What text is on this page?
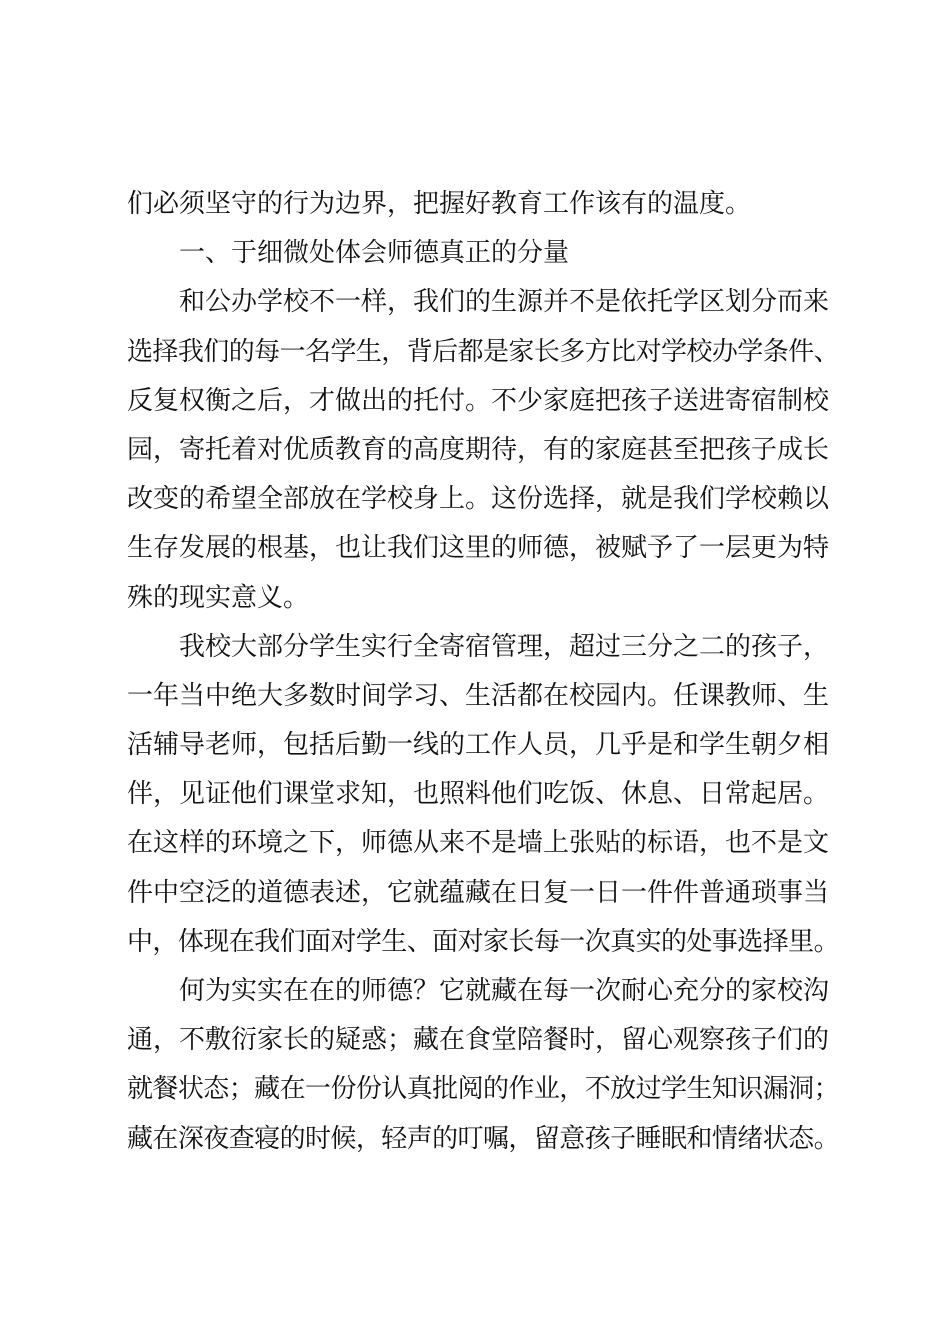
们必须坚守的行为边界，把握好教育工作该有的温度。
一、于细微处体会师德真正的分量
和公办学校不一样，我们的生源并不是依托学区划分而来
选择我们的每一名学生，背后都是家长多方比对学校办学条件、
反复权衡之后，才做出的托付。不少家庭把孩子送进寄宿制校
园，寄托着对优质教育的高度期待，有的家庭甚至把孩子成长
改变的希望全部放在学校身上。这份选择，就是我们学校赖以
生存发展的根基，也让我们这里的师德，被赋予了一层更为特
殊的现实意义。
我校大部分学生实行全寄宿管理，超过三分之二的孩子，
一年当中绝大多数时间学习、生活都在校园内。任课教师、生
活辅导老师，包括后勤一线的工作人员，几乎是和学生朝夕相
伴，见证他们课堂求知，也照料他们吃饭、休息、日常起居。
在这样的环境之下，师德从来不是墙上张贴的标语，也不是文
件中空泛的道德表述，它就蕴藏在日复一日一件件普通琐事当
中，体现在我们面对学生、面对家长每一次真实的处事选择里。
何为实实在在的师德？它就藏在每一次耐心充分的家校沟
通，不敷衍家长的疑惑；藏在食堂陪餐时，留心观察孩子们的
就餐状态；藏在一份份认真批阅的作业，不放过学生知识漏洞；
藏在深夜查寝的时候，轻声的叮嘱，留意孩子睡眠和情绪状态。
